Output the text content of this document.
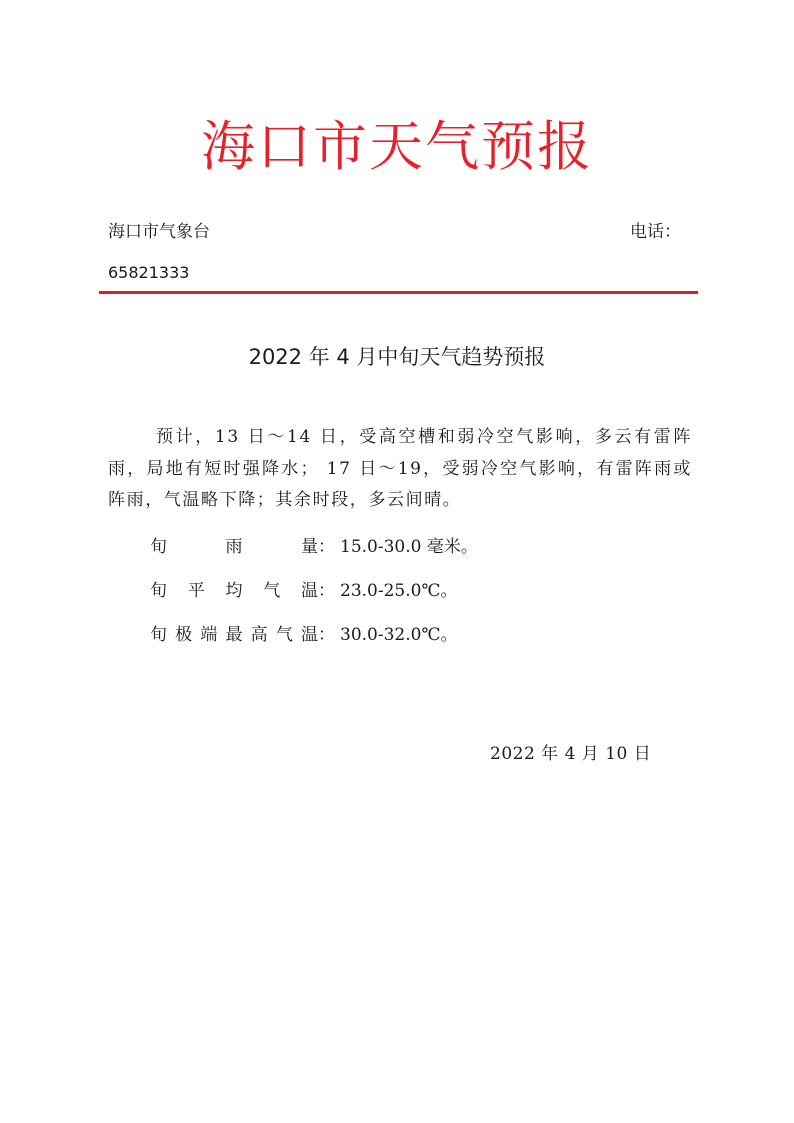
海口市天气预报
海口市气象台	电话：
65821333
2022 年 4 月中旬天气趋势预报

预计，13 日～14 日，受高空槽和弱冷空气影响，多云有雷阵雨，局地有短时强降水； 17 日～19，受弱冷空气影响，有雷阵雨或阵雨，气温略下降；其余时段，多云间晴。

旬雨量： 15.0-30.0 毫米。
旬平均气温： 23.0-25.0℃。
旬极端最高气温： 30.0-32.0℃。
2022 年 4 月 10 日
